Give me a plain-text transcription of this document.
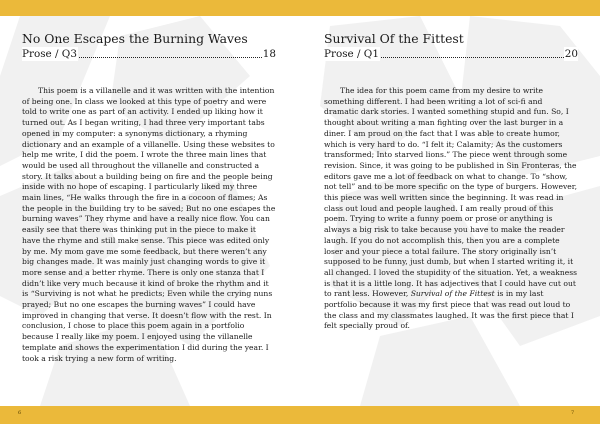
No One Escapes the Burning Waves
Prose / Q3	18

This poem is a villanelle and it was written with the intention of being one. In class we looked at this type of poetry and were told to write one as part of an activity. I ended up liking how it turned out. As I began writing, I had three very important tabs opened in my computer: a synonyms dictionary, a rhyming dictionary and an example of a villanelle. Using these websites to help me write, I did the poem. I wrote the three main lines that would be used all throughout the villanelle and constructed a story. It talks about a building being on fire and the people being inside with no hope of escaping. I particularly liked my three main lines, “He walks through the fire in a cocoon of flames; As the people in the building try to be saved; But no one escapes the burning waves” They rhyme and have a really nice flow. You can easily see that there was thinking put in the piece to make it have the rhyme and still make sense. This piece was edited only by me. My mom gave me some feedback, but there weren’t any big changes made. It was mainly just changing words to give it more sense and a better rhyme. There is only one stanza that I didn’t like very much because it kind of broke the rhythm and it is “Surviving is not what he predicts; Even while the crying nuns prayed; But no one escapes the burning waves” I could have improved in changing that verse. It doesn’t flow with the rest. In conclusion, I chose to place this poem again in a portfolio because I really like my poem. I enjoyed using the villanelle template and shows the experimentation I did during the year. I took a risk trying a new form of writing.

Survival Of the Fittest
Prose / Q1	20

The idea for this poem came from my desire to write something different. I had been writing a lot of sci-fi and dramatic dark stories. I wanted something stupid and fun. So, I thought about writing a man fighting over the last burger in a diner. I am proud on the fact that I was able to create humor, which is very hard to do. “I felt it; Calamity; As the customers transformed; Into starved lions.” The piece went through some revision. Since, it was going to be published in Sin Fronteras, the editors gave me a lot of feedback on what to change. To “show, not tell” and to be more specific on the type of burgers. However, this piece was well written since the beginning. It was read in class out loud and people laughed. I am really proud of this poem. Trying to write a funny poem or prose or anything is always a big risk to take because you have to make the reader laugh. If you do not accomplish this, then you are a complete loser and your piece a total failure. The story originally isn’t supposed to be funny, just dumb, but when I started writing it, it all changed. I loved the stupidity of the situation. Yet, a weakness is that it is a little long. It has adjectives that I could have cut out to rant less. However, Survival of the Fittest is in my last portfolio because it was my first piece that was read out loud to the class and my classmates laughed. It was the first piece that I felt specially proud of.

6	7
